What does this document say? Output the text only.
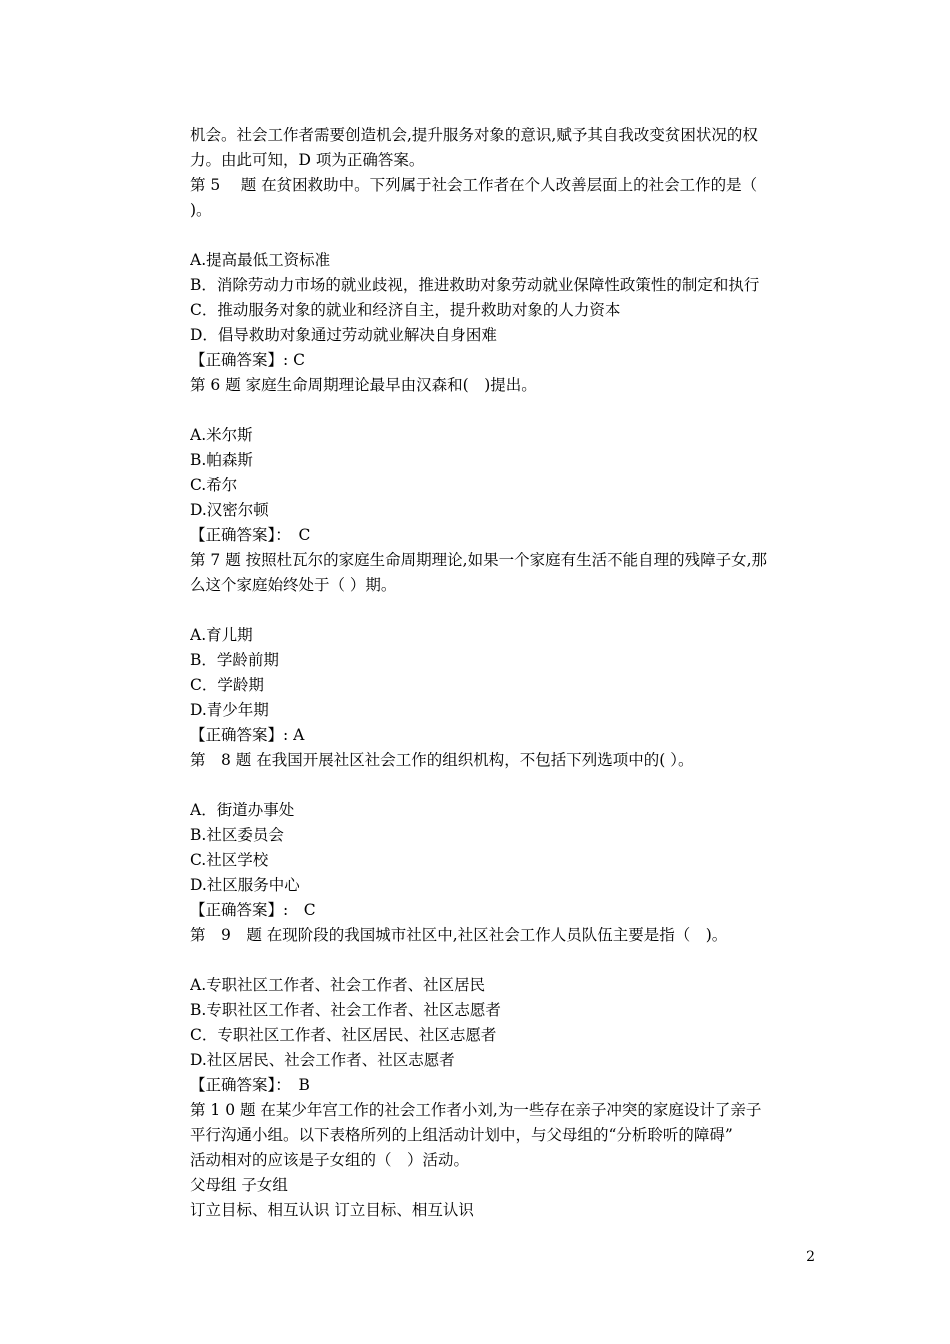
机会。社会工作者需要创造机会,提升服务对象的意识,赋予其自我改变贫困状况的权
力。由此可知，D 项为正确答案。
第 5　 题 在贫困救助中。下列属于社会工作者在个人改善层面上的社会工作的是（
)。
A.提高最低工资标准
B．消除劳动力市场的就业歧视，推进救助对象劳动就业保障性政策性的制定和执行
C．推动服务对象的就业和经济自主，提升救助对象的人力资本
D．倡导救助对象通过劳动就业解决自身困难
【正确答案】: C
第 6 题 家庭生命周期理论最早由汉森和(　)提出。
A.米尔斯
B.帕森斯
C.希尔
D.汉密尔顿
【正确答案】：　C
第 7 题 按照杜瓦尔的家庭生命周期理论,如果一个家庭有生活不能自理的残障子女,那
么这个家庭始终处于（ ）期。
A.育儿期
B．学龄前期
C．学龄期
D.青少年期
【正确答案】: A
第　8 题 在我国开展社区社会工作的组织机构，不包括下列选项中的( ）。
A．街道办事处
B.社区委员会
C.社区学校
D.社区服务中心
【正确答案】:　C
第　9　题 在现阶段的我国城市社区中,社区社会工作人员队伍主要是指（　)。
A.专职社区工作者、社会工作者、社区居民
B.专职社区工作者、社会工作者、社区志愿者
C．专职社区工作者、社区居民、社区志愿者
D.社区居民、社会工作者、社区志愿者
【正确答案】：　B
第 1 0 题 在某少年宫工作的社会工作者小刘,为一些存在亲子冲突的家庭设计了亲子
平行沟通小组。以下表格所列的上组活动计划中，与父母组的“分析聆听的障碍”
活动相对的应该是子女组的（　）活动。
父母组 子女组
订立目标、相互认识 订立目标、相互认识
2
